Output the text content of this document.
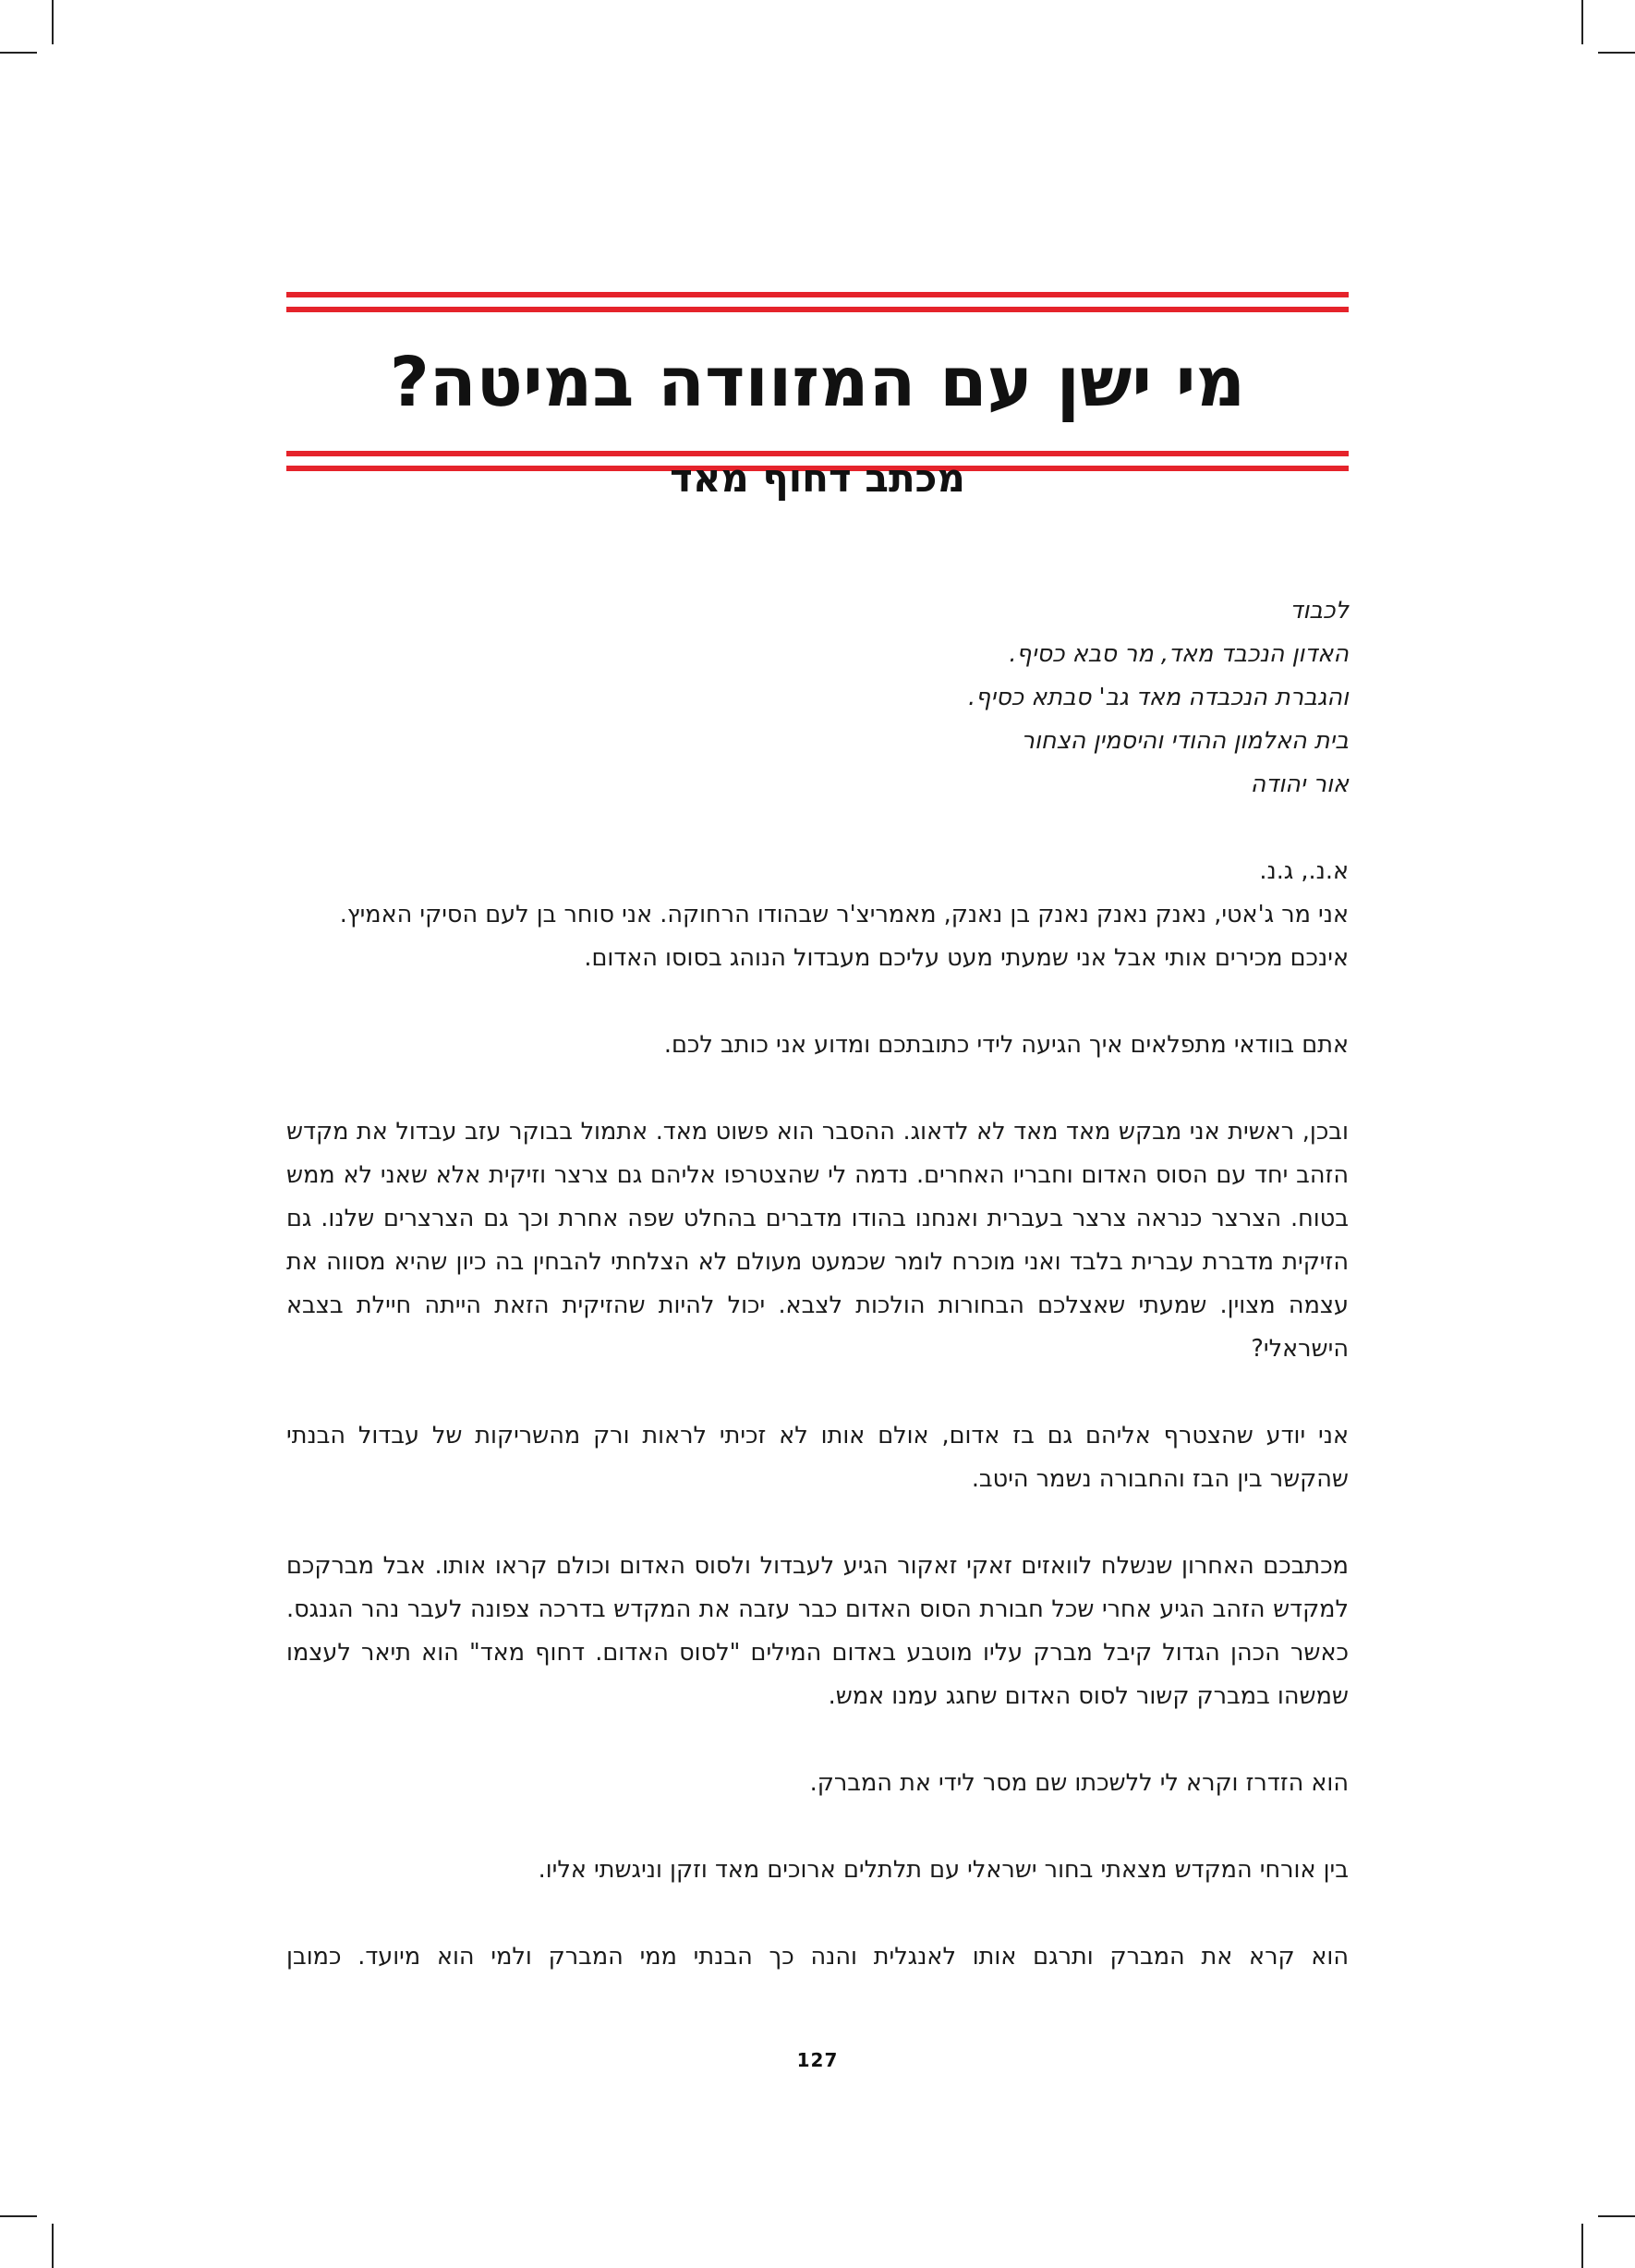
מי ישן עם המזוודה במיטה?
מכתב דחוף מאד

לכבוד

האדון הנכבד מאד, מר סבא כסיף.

והגברת הנכבדה מאד גב' סבתא כסיף.

בית האלמון ההודי והיסמין הצחור

אור יהודה

א.נ., ג.נ.

אני מר ג'אטי, נאנק נאנק נאנק בן נאנק, מאמריצ'ר שבהודו הרחוקה. אני סוחר בן לעם הסיקי האמיץ.

אינכם מכירים אותי אבל אני שמעתי מעט עליכם מעבדול הנוהג בסוסו האדום.

אתם בוודאי מתפלאים איך הגיעה לידי כתובתכם ומדוע אני כותב לכם.

ובכן, ראשית אני מבקש מאד מאד לא לדאוג. ההסבר הוא פשוט מאד. אתמול בבוקר עזב עבדול את מקדש הזהב יחד עם הסוס האדום וחבריו האחרים. נדמה לי שהצטרפו אליהם גם צרצר וזיקית אלא שאני לא ממש בטוח. הצרצר כנראה צרצר בעברית ואנחנו בהודו מדברים בהחלט שפה אחרת וכך גם הצרצרים שלנו. גם הזיקית מדברת עברית בלבד ואני מוכרח לומר שכמעט מעולם לא הצלחתי להבחין בה כיון שהיא מסווה את עצמה מצוין. שמעתי שאצלכם הבחורות הולכות לצבא. יכול להיות שהזיקית הזאת הייתה חיילת בצבא הישראלי?

אני יודע שהצטרף אליהם גם בז אדום, אולם אותו לא זכיתי לראות ורק מהשריקות של עבדול הבנתי שהקשר בין הבז והחבורה נשמר היטב.

מכתבכם האחרון שנשלח לוואזים זאקי זאקור הגיע לעבדול ולסוס האדום וכולם קראו אותו. אבל מברקכם למקדש הזהב הגיע אחרי שכל חבורת הסוס האדום כבר עזבה את המקדש בדרכה צפונה לעבר נהר הגנגס. כאשר הכהן הגדול קיבל מברק עליו מוטבע באדום המילים "לסוס האדום. דחוף מאד" הוא תיאר לעצמו שמשהו במברק קשור לסוס האדום שחגג עמנו אמש.

הוא הזדרז וקרא לי ללשכתו שם מסר לידי את המברק.

בין אורחי המקדש מצאתי בחור ישראלי עם תלתלים ארוכים מאד וזקן וניגשתי אליו.

הוא קרא את המברק ותרגם אותו לאנגלית והנה כך הבנתי ממי המברק ולמי הוא מיועד. כמובן

127
